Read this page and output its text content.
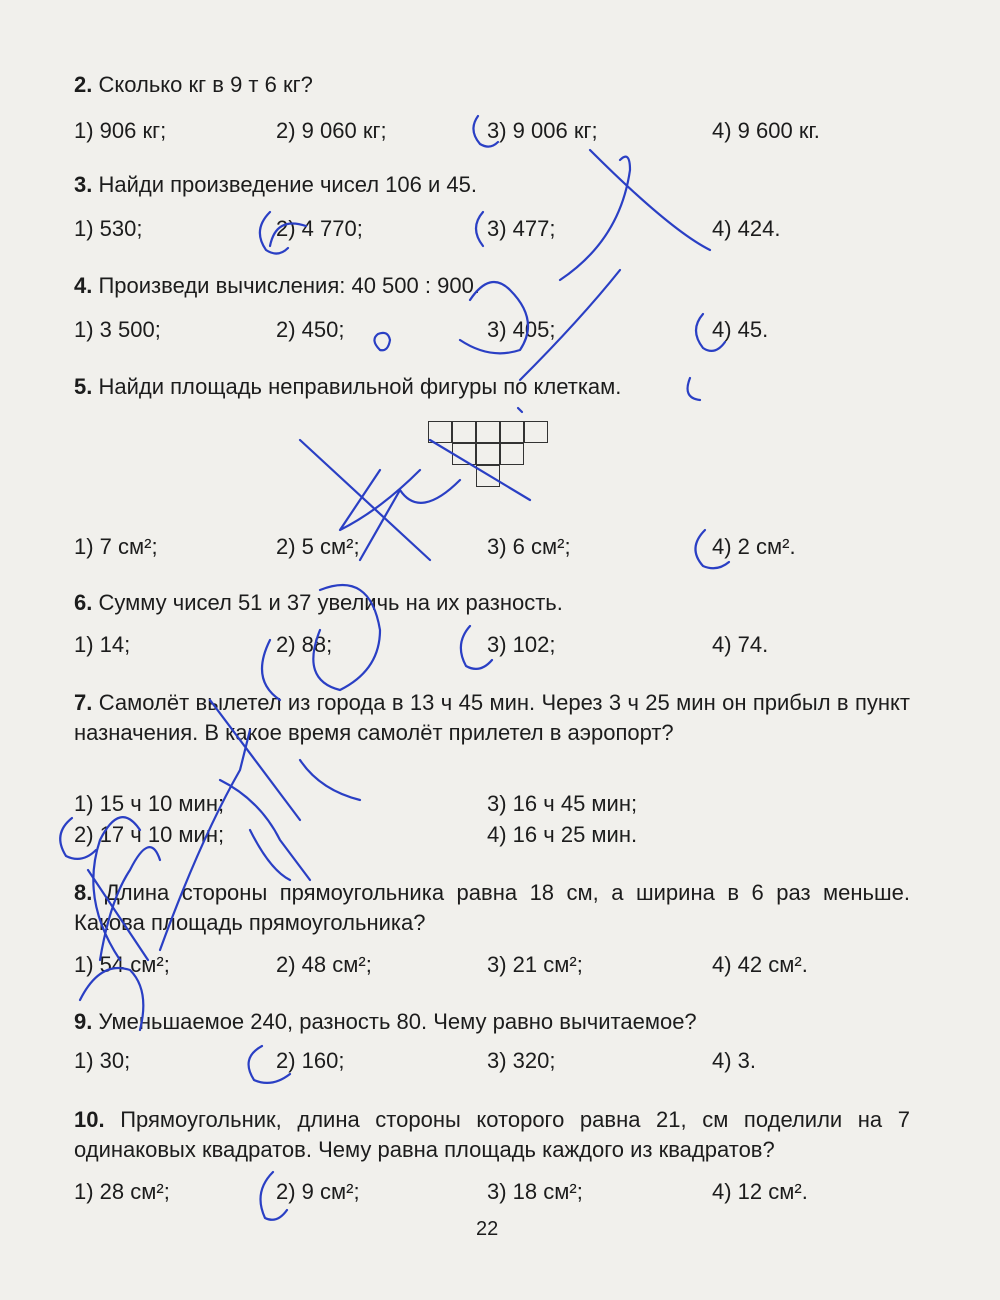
2. Сколько кг в 9 т 6 кг?
1) 906 кг;	2) 9 060 кг;	3) 9 006 кг;	4) 9 600 кг.
3. Найди произведение чисел 106 и 45.
1) 530;	2) 4 770;	3) 477;	4) 424.
4. Произведи вычисления: 40 500 : 900.
1) 3 500;	2) 450;	3) 405;	4) 45.
5. Найди площадь неправильной фигуры по клеткам.
1) 7 см²;	2) 5 см²;	3) 6 см²;	4) 2 см².
6. Сумму чисел 51 и 37 увеличь на их разность.
1) 14;	2) 88;	3) 102;	4) 74.
7. Самолёт вылетел из города в 13 ч 45 мин. Через 3 ч 25 мин он прибыл в пункт назначения. В какое время самолёт прилетел в аэропорт?
1) 15 ч 10 мин;	3) 16 ч 45 мин;
2) 17 ч 10 мин;	4) 16 ч 25 мин.
8. Длина стороны прямоугольника равна 18 см, а ширина в 6 раз меньше. Какова площадь прямоугольника?
1) 54 см²;	2) 48 см²;	3) 21 см²;	4) 42 см².
9. Уменьшаемое 240, разность 80. Чему равно вычитаемое?
1) 30;	2) 160;	3) 320;	4) 3.
10. Прямоугольник, длина стороны которого равна 21, см поделили на 7 одинаковых квадратов. Чему равна площадь каждого из квадратов?
1) 28 см²;	2) 9 см²;	3) 18 см²;	4) 12 см².
22
